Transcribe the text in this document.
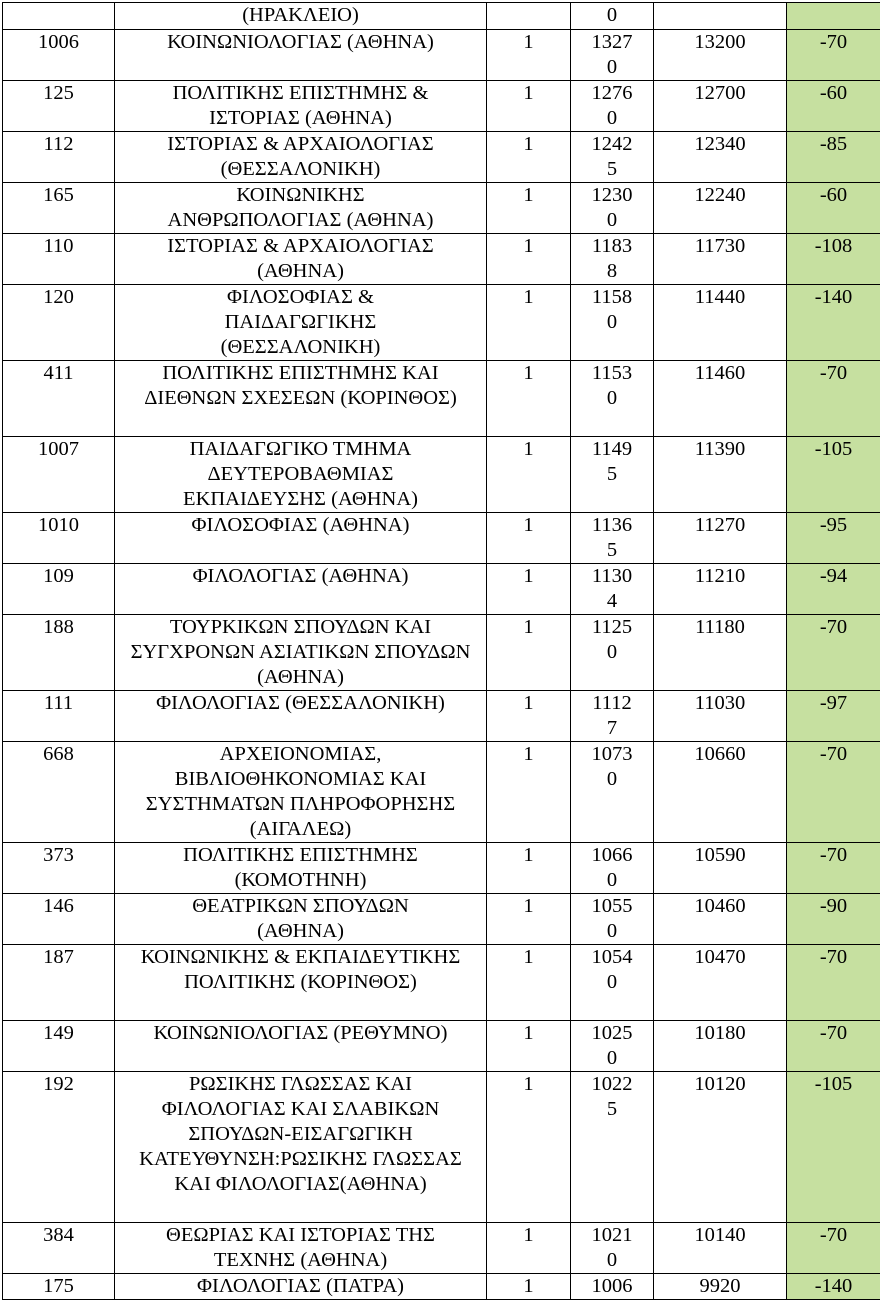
	(ΗΡΑΚΛΕΙΟ)		0		
1006	ΚΟΙΝΩΝΙΟΛΟΓΙΑΣ (ΑΘΗΝΑ)	1	13270	13200	-70
125	ΠΟΛΙΤΙΚΗΣ ΕΠΙΣΤΗΜΗΣ & ΙΣΤΟΡΙΑΣ (ΑΘΗΝΑ)	1	12760	12700	-60
112	ΙΣΤΟΡΙΑΣ & ΑΡΧΑΙΟΛΟΓΙΑΣ (ΘΕΣΣΑΛΟΝΙΚΗ)	1	12425	12340	-85
165	ΚΟΙΝΩΝΙΚΗΣ ΑΝΘΡΩΠΟΛΟΓΙΑΣ (ΑΘΗΝΑ)	1	12300	12240	-60
110	ΙΣΤΟΡΙΑΣ & ΑΡΧΑΙΟΛΟΓΙΑΣ (ΑΘΗΝΑ)	1	11838	11730	-108
120	ΦΙΛΟΣΟΦΙΑΣ & ΠΑΙΔΑΓΩΓΙΚΗΣ (ΘΕΣΣΑΛΟΝΙΚΗ)	1	11580	11440	-140
411	ΠΟΛΙΤΙΚΗΣ ΕΠΙΣΤΗΜΗΣ ΚΑΙ ΔΙΕΘΝΩΝ ΣΧΕΣΕΩΝ (ΚΟΡΙΝΘΟΣ)	1	11530	11460	-70
1007	ΠΑΙΔΑΓΩΓΙΚΟ ΤΜΗΜΑ ΔΕΥΤΕΡΟΒΑΘΜΙΑΣ ΕΚΠΑΙΔΕΥΣΗΣ (ΑΘΗΝΑ)	1	11495	11390	-105
1010	ΦΙΛΟΣΟΦΙΑΣ (ΑΘΗΝΑ)	1	11365	11270	-95
109	ΦΙΛΟΛΟΓΙΑΣ (ΑΘΗΝΑ)	1	11304	11210	-94
188	ΤΟΥΡΚΙΚΩΝ ΣΠΟΥΔΩΝ ΚΑΙ ΣΥΓΧΡΟΝΩΝ ΑΣΙΑΤΙΚΩΝ ΣΠΟΥΔΩΝ (ΑΘΗΝΑ)	1	11250	11180	-70
111	ΦΙΛΟΛΟΓΙΑΣ (ΘΕΣΣΑΛΟΝΙΚΗ)	1	11127	11030	-97
668	ΑΡΧΕΙΟΝΟΜΙΑΣ, ΒΙΒΛΙΟΘΗΚΟΝΟΜΙΑΣ ΚΑΙ ΣΥΣΤΗΜΑΤΩΝ ΠΛΗΡΟΦΟΡΗΣΗΣ (ΑΙΓΑΛΕΩ)	1	10730	10660	-70
373	ΠΟΛΙΤΙΚΗΣ ΕΠΙΣΤΗΜΗΣ (ΚΟΜΟΤΗΝΗ)	1	10660	10590	-70
146	ΘΕΑΤΡΙΚΩΝ ΣΠΟΥΔΩΝ (ΑΘΗΝΑ)	1	10550	10460	-90
187	ΚΟΙΝΩΝΙΚΗΣ & ΕΚΠΑΙΔΕΥΤΙΚΗΣ ΠΟΛΙΤΙΚΗΣ (ΚΟΡΙΝΘΟΣ)	1	10540	10470	-70
149	ΚΟΙΝΩΝΙΟΛΟΓΙΑΣ (ΡΕΘΥΜΝΟ)	1	10250	10180	-70
192	ΡΩΣΙΚΗΣ ΓΛΩΣΣΑΣ ΚΑΙ ΦΙΛΟΛΟΓΙΑΣ ΚΑΙ ΣΛΑΒΙΚΩΝ ΣΠΟΥΔΩΝ-ΕΙΣΑΓΩΓΙΚΗ ΚΑΤΕΥΘΥΝΣΗ:ΡΩΣΙΚΗΣ ΓΛΩΣΣΑΣ ΚΑΙ ΦΙΛΟΛΟΓΙΑΣ(ΑΘΗΝΑ)	1	10225	10120	-105
384	ΘΕΩΡΙΑΣ ΚΑΙ ΙΣΤΟΡΙΑΣ ΤΗΣ ΤΕΧΝΗΣ (ΑΘΗΝΑ)	1	10210	10140	-70
175	ΦΙΛΟΛΟΓΙΑΣ (ΠΑΤΡΑ)	1	1006	9920	-140
